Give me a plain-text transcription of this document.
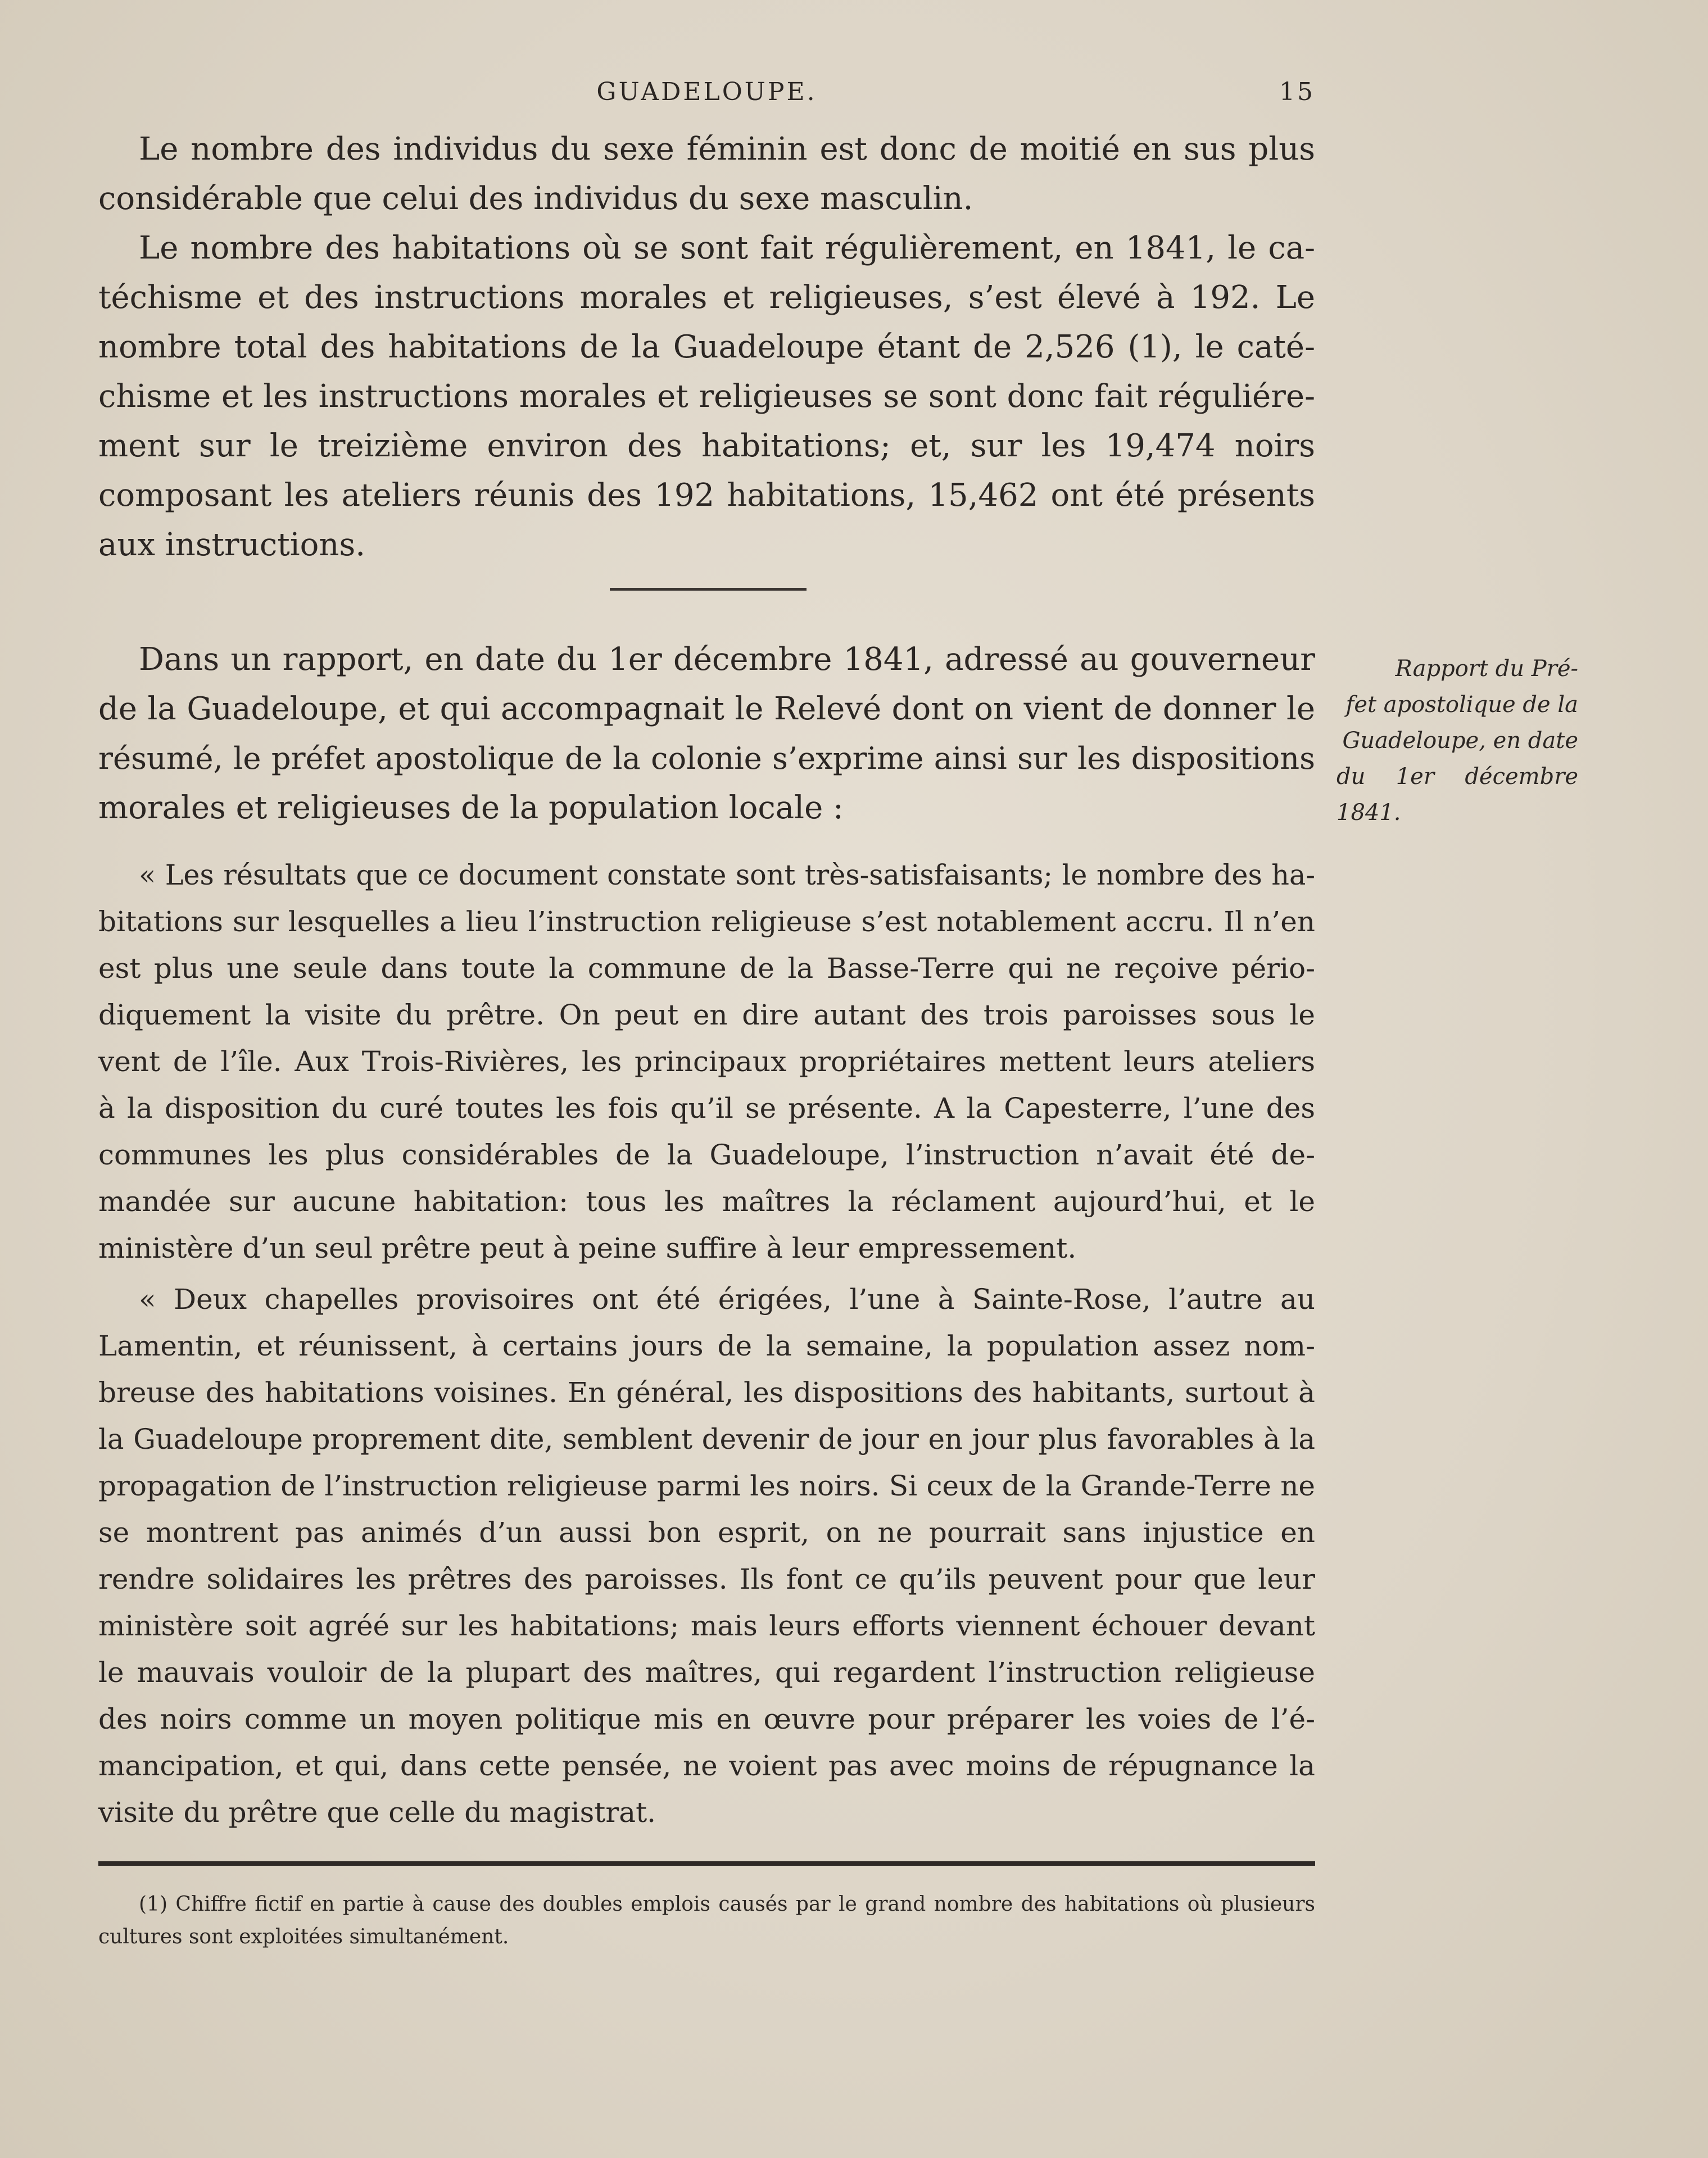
GUADELOUPE.	15
Le nombre des individus du sexe féminin est donc de moitié en sus plus
considérable que celui des individus du sexe masculin.
Le nombre des habitations où se sont fait régulièrement, en 1841, le ca-
téchisme et des instructions morales et religieuses, s’est élevé à 192. Le
nombre total des habitations de la Guadeloupe étant de 2,526 (1), le caté-
chisme et les instructions morales et religieuses se sont donc fait réguliére-
ment sur le treizième environ des habitations; et, sur les 19,474 noirs
composant les ateliers réunis des 192 habitations, 15,462 ont été présents
aux instructions.
Dans un rapport, en date du 1er décembre 1841, adressé au gouverneur
de la Guadeloupe, et qui accompagnait le Relevé dont on vient de donner le
résumé, le préfet apostolique de la colonie s’exprime ainsi sur les dispositions
morales et religieuses de la population locale :
Rapport du Pré-
fet apostolique de la
Guadeloupe, en date
du 1er décembre
1841.
« Les résultats que ce document constate sont très-satisfaisants; le nombre des ha-
bitations sur lesquelles a lieu l’instruction religieuse s’est notablement accru. Il n’en
est plus une seule dans toute la commune de la Basse-Terre qui ne reçoive pério-
diquement la visite du prêtre. On peut en dire autant des trois paroisses sous le
vent de l’île. Aux Trois-Rivières, les principaux propriétaires mettent leurs ateliers
à la disposition du curé toutes les fois qu’il se présente. A la Capesterre, l’une des
communes les plus considérables de la Guadeloupe, l’instruction n’avait été de-
mandée sur aucune habitation: tous les maîtres la réclament aujourd’hui, et le
ministère d’un seul prêtre peut à peine suffire à leur empressement.
« Deux chapelles provisoires ont été érigées, l’une à Sainte-Rose, l’autre au
Lamentin, et réunissent, à certains jours de la semaine, la population assez nom-
breuse des habitations voisines. En général, les dispositions des habitants, surtout à
la Guadeloupe proprement dite, semblent devenir de jour en jour plus favorables à la
propagation de l’instruction religieuse parmi les noirs. Si ceux de la Grande-Terre ne
se montrent pas animés d’un aussi bon esprit, on ne pourrait sans injustice en
rendre solidaires les prêtres des paroisses. Ils font ce qu’ils peuvent pour que leur
ministère soit agréé sur les habitations; mais leurs efforts viennent échouer devant
le mauvais vouloir de la plupart des maîtres, qui regardent l’instruction religieuse
des noirs comme un moyen politique mis en œuvre pour préparer les voies de l’é-
mancipation, et qui, dans cette pensée, ne voient pas avec moins de répugnance la
visite du prêtre que celle du magistrat.
(1) Chiffre fictif en partie à cause des doubles emplois causés par le grand nombre des habitations où plusieurs
cultures sont exploitées simultanément.
